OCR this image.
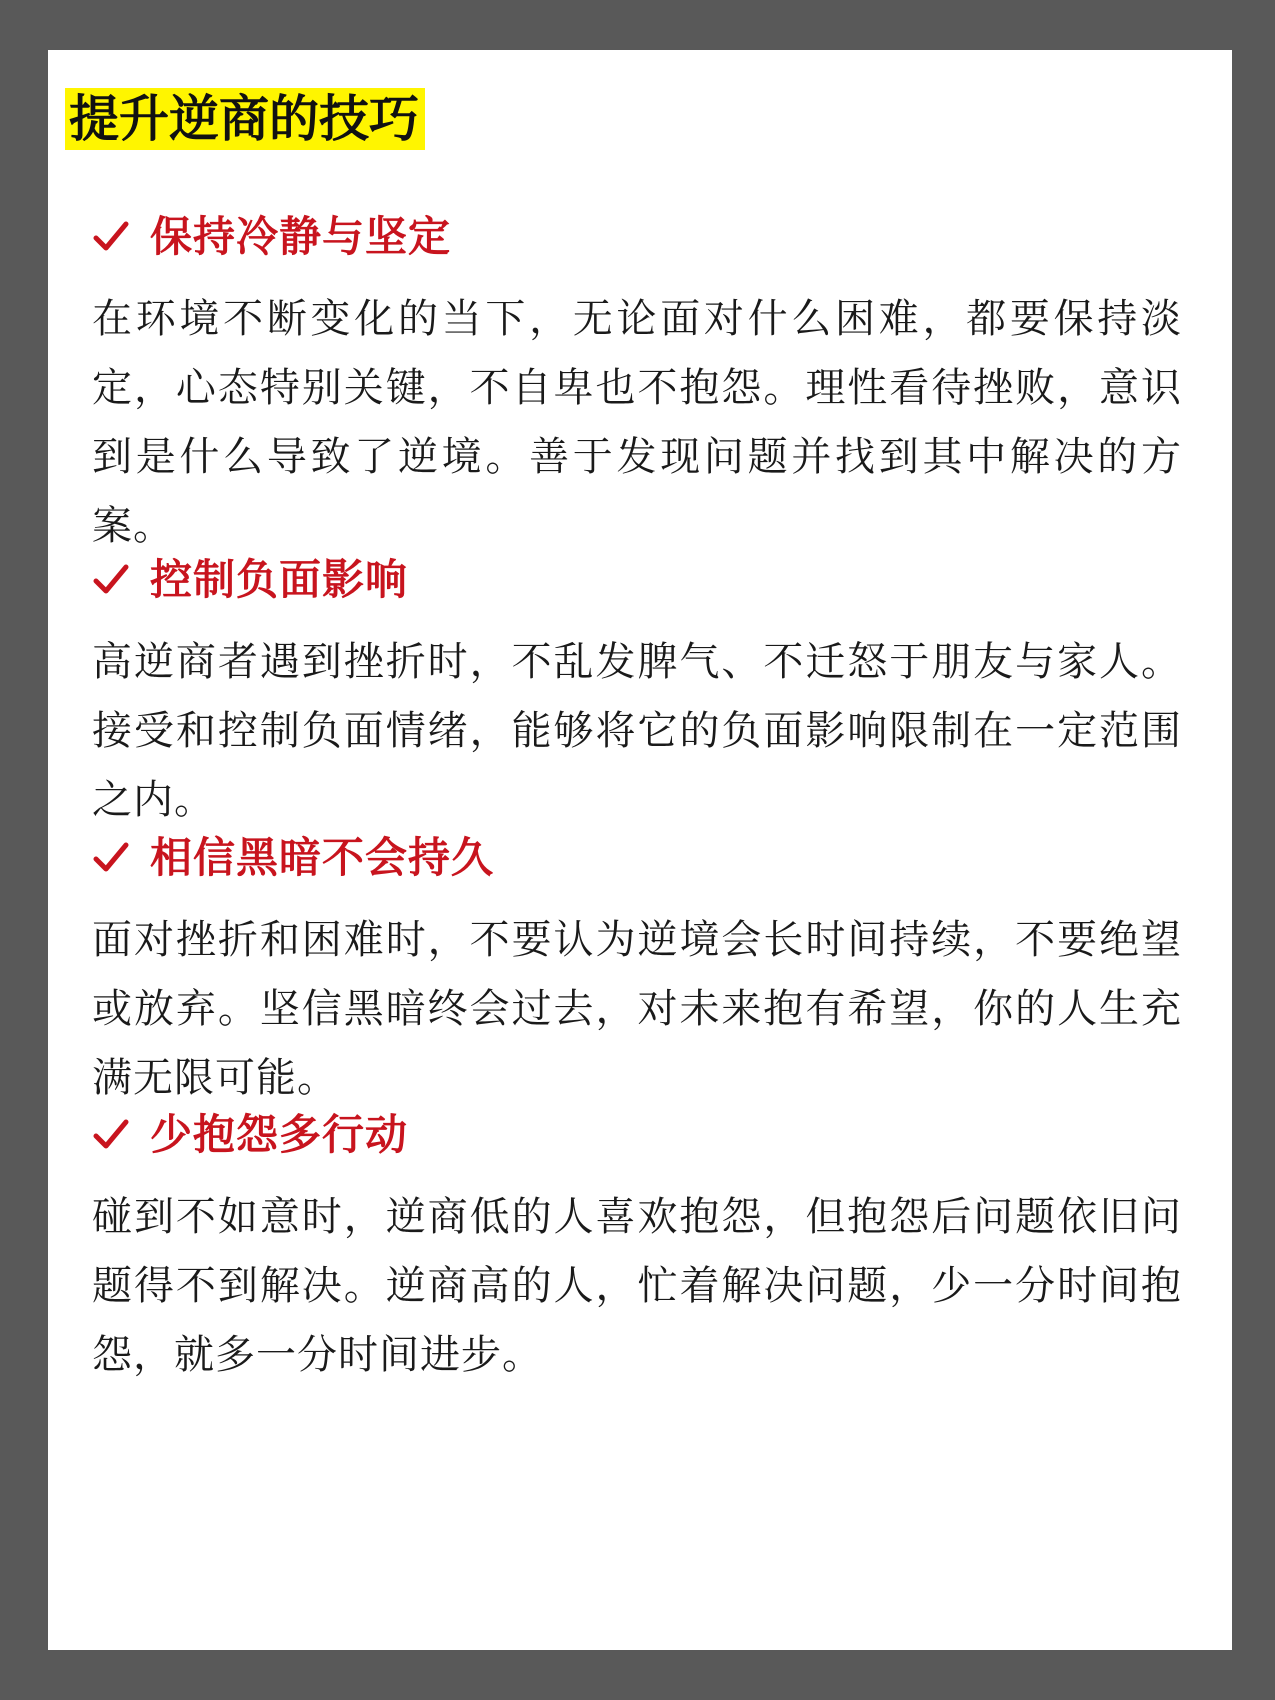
提升逆商的技巧
保持冷静与坚定

在环境不断变化的当下，无论面对什么困难，都要保持淡定，心态特别关键，不自卑也不抱怨。理性看待挫败，意识到是什么导致了逆境。善于发现问题并找到其中解决的方案。

控制负面影响

高逆商者遇到挫折时，不乱发脾气、不迁怒于朋友与家人。接受和控制负面情绪，能够将它的负面影响限制在一定范围之内。

相信黑暗不会持久

面对挫折和困难时，不要认为逆境会长时间持续，不要绝望或放弃。坚信黑暗终会过去，对未来抱有希望，你的人生充满无限可能。

少抱怨多行动

碰到不如意时，逆商低的人喜欢抱怨，但抱怨后问题依旧问题得不到解决。逆商高的人，忙着解决问题，少一分时间抱怨，就多一分时间进步。
